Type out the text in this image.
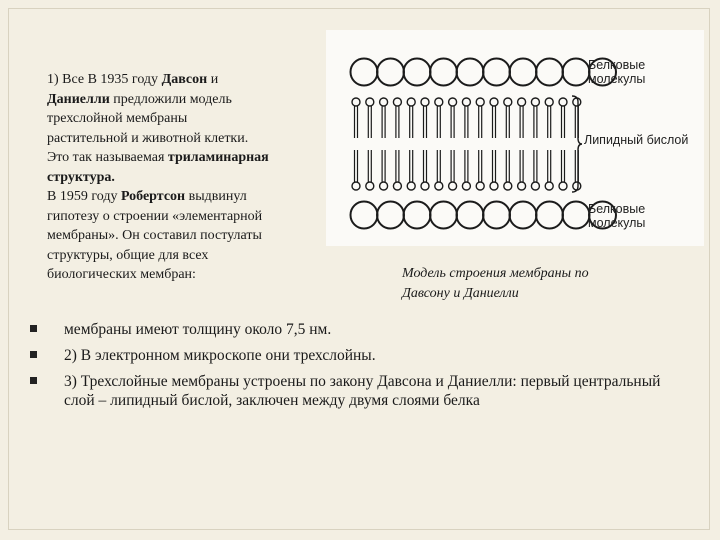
1) Все В 1935 году Давсон и
Даниелли предложили модель
трехслойной мембраны
растительной и животной клетки.
Это так называемая триламинарная
структура.
В 1959 году Робертсон выдвинул
гипотезу о строении «элементарной
мембраны». Он составил постулаты
структуры, общие для всех
биологических мембран:

Белковые
молекулы

Липидный бислой

Белковые
молекулы

Модель строения мембраны по
Давсону и Даниелли

мембраны имеют толщину около 7,5 нм.
2) В электронном микроскопе они трехслойны.
3) Трехслойные мембраны устроены по закону Давсона и Даниелли: первый центральный слой – липидный бислой, заключен между двумя слоями белка
